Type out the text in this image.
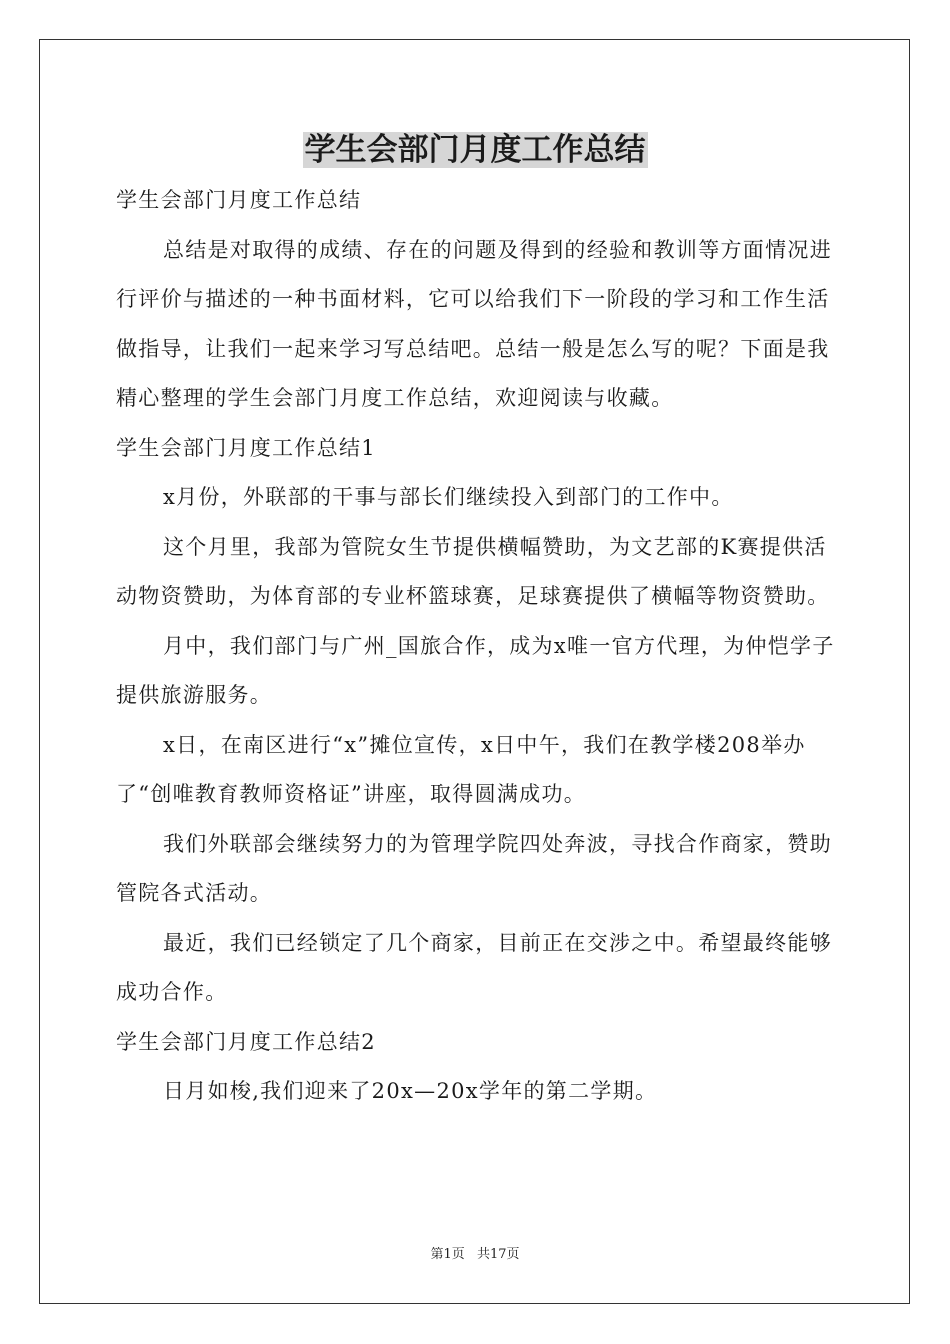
学生会部门月度工作总结

学生会部门月度工作总结

总结是对取得的成绩、存在的问题及得到的经验和教训等方面情况进行评价与描述的一种书面材料，它可以给我们下一阶段的学习和工作生活做指导，让我们一起来学习写总结吧。总结一般是怎么写的呢？下面是我精心整理的学生会部门月度工作总结，欢迎阅读与收藏。

学生会部门月度工作总结1

x月份，外联部的干事与部长们继续投入到部门的工作中。

这个月里，我部为管院女生节提供横幅赞助，为文艺部的K赛提供活动物资赞助，为体育部的专业杯篮球赛，足球赛提供了横幅等物资赞助。

月中，我们部门与广州_国旅合作，成为x唯一官方代理，为仲恺学子提供旅游服务。

x日，在南区进行“x”摊位宣传，x日中午，我们在教学楼208举办了“创唯教育教师资格证”讲座，取得圆满成功。

我们外联部会继续努力的为管理学院四处奔波，寻找合作商家，赞助管院各式活动。

最近，我们已经锁定了几个商家，目前正在交涉之中。希望最终能够成功合作。

学生会部门月度工作总结2

日月如梭,我们迎来了20x—20x学年的第二学期。

第1页 共17页
